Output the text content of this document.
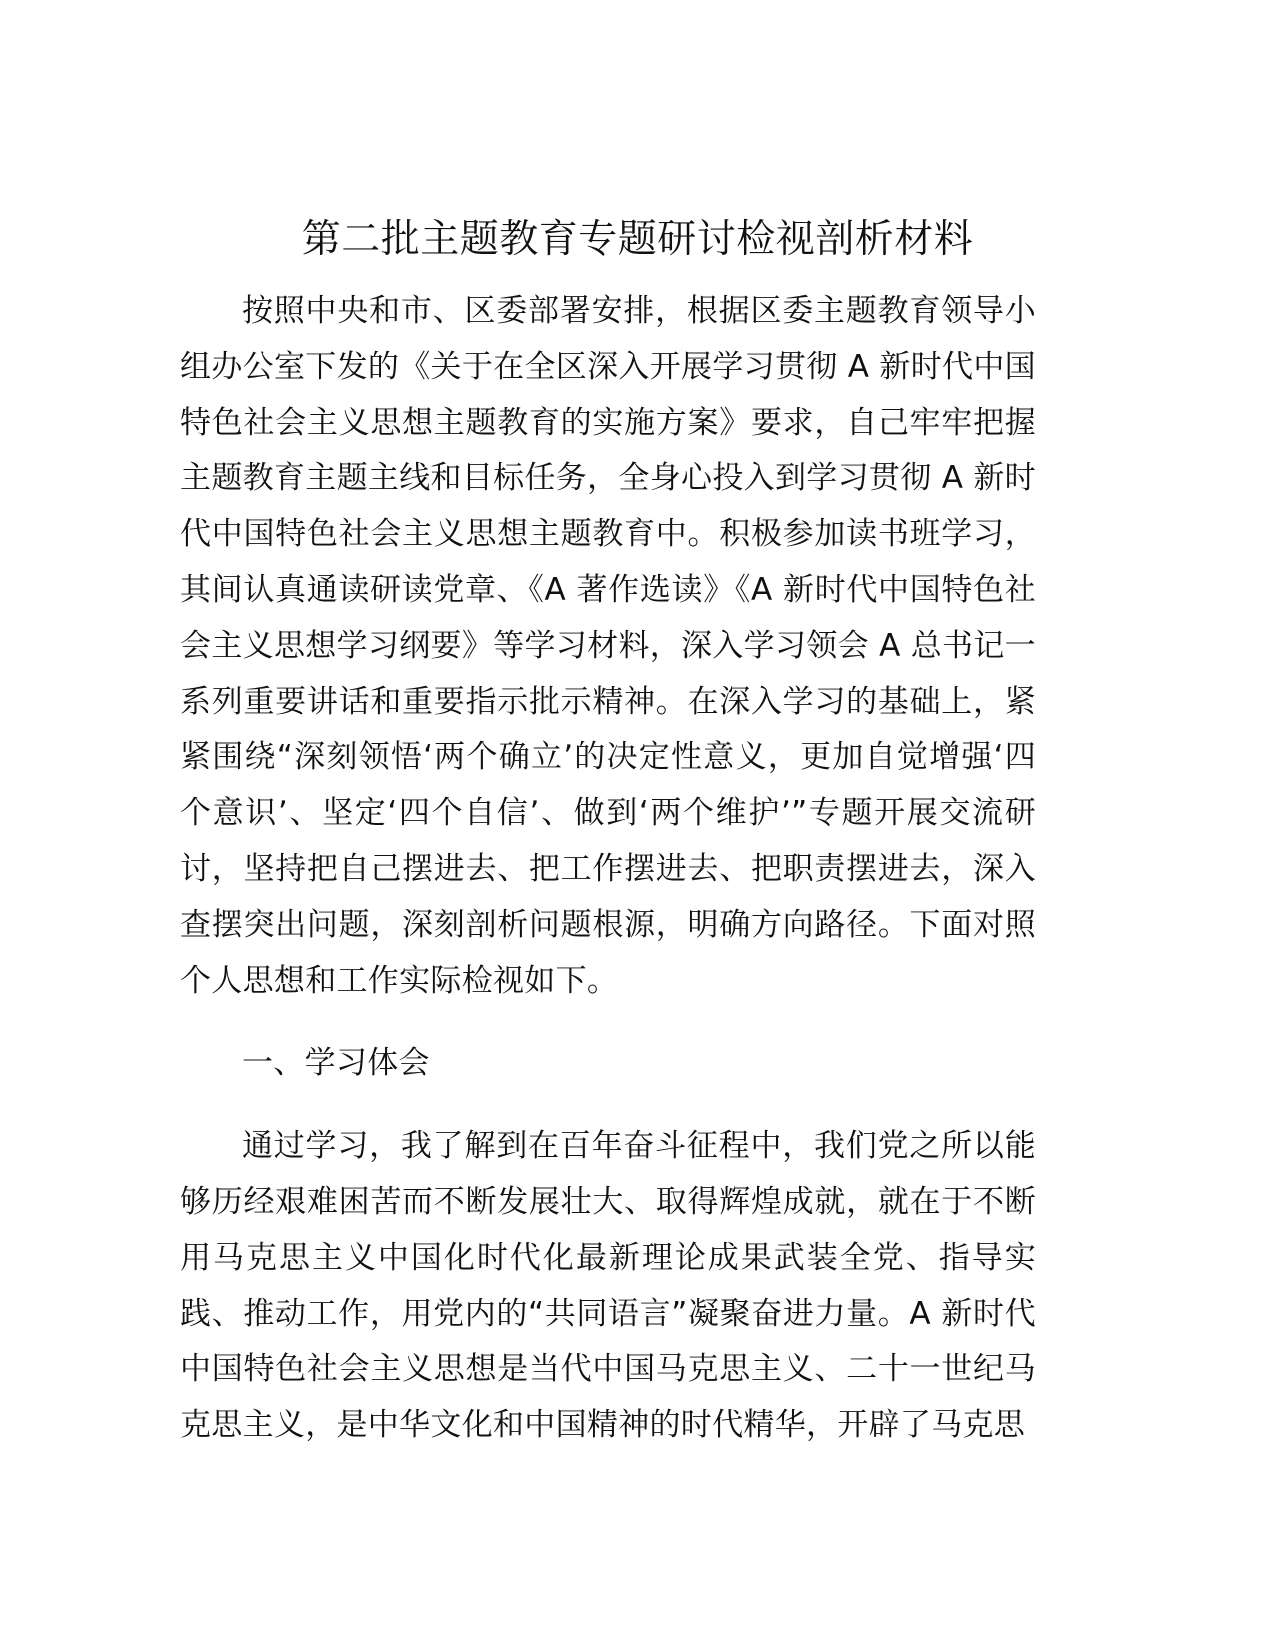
第二批主题教育专题研讨检视剖析材料

按照中央和市、区委部署安排，根据区委主题教育领导小组办公室下发的《关于在全区深入开展学习贯彻 A 新时代中国特色社会主义思想主题教育的实施方案》要求，自己牢牢把握主题教育主题主线和目标任务，全身心投入到学习贯彻 A 新时代中国特色社会主义思想主题教育中。积极参加读书班学习，其间认真通读研读党章、《A 著作选读》《A 新时代中国特色社会主义思想学习纲要》等学习材料，深入学习领会 A 总书记一系列重要讲话和重要指示批示精神。在深入学习的基础上，紧紧围绕“深刻领悟‘两个确立’的决定性意义，更加自觉增强‘四个意识’、坚定‘四个自信’、做到‘两个维护’”专题开展交流研讨，坚持把自己摆进去、把工作摆进去、把职责摆进去，深入查摆突出问题，深刻剖析问题根源，明确方向路径。下面对照个人思想和工作实际检视如下。

一、学习体会

通过学习，我了解到在百年奋斗征程中，我们党之所以能够历经艰难困苦而不断发展壮大、取得辉煌成就，就在于不断用马克思主义中国化时代化最新理论成果武装全党、指导实践、推动工作，用党内的“共同语言”凝聚奋进力量。A 新时代中国特色社会主义思想是当代中国马克思主义、二十一世纪马克思主义，是中华文化和中国精神的时代精华，开辟了马克思
